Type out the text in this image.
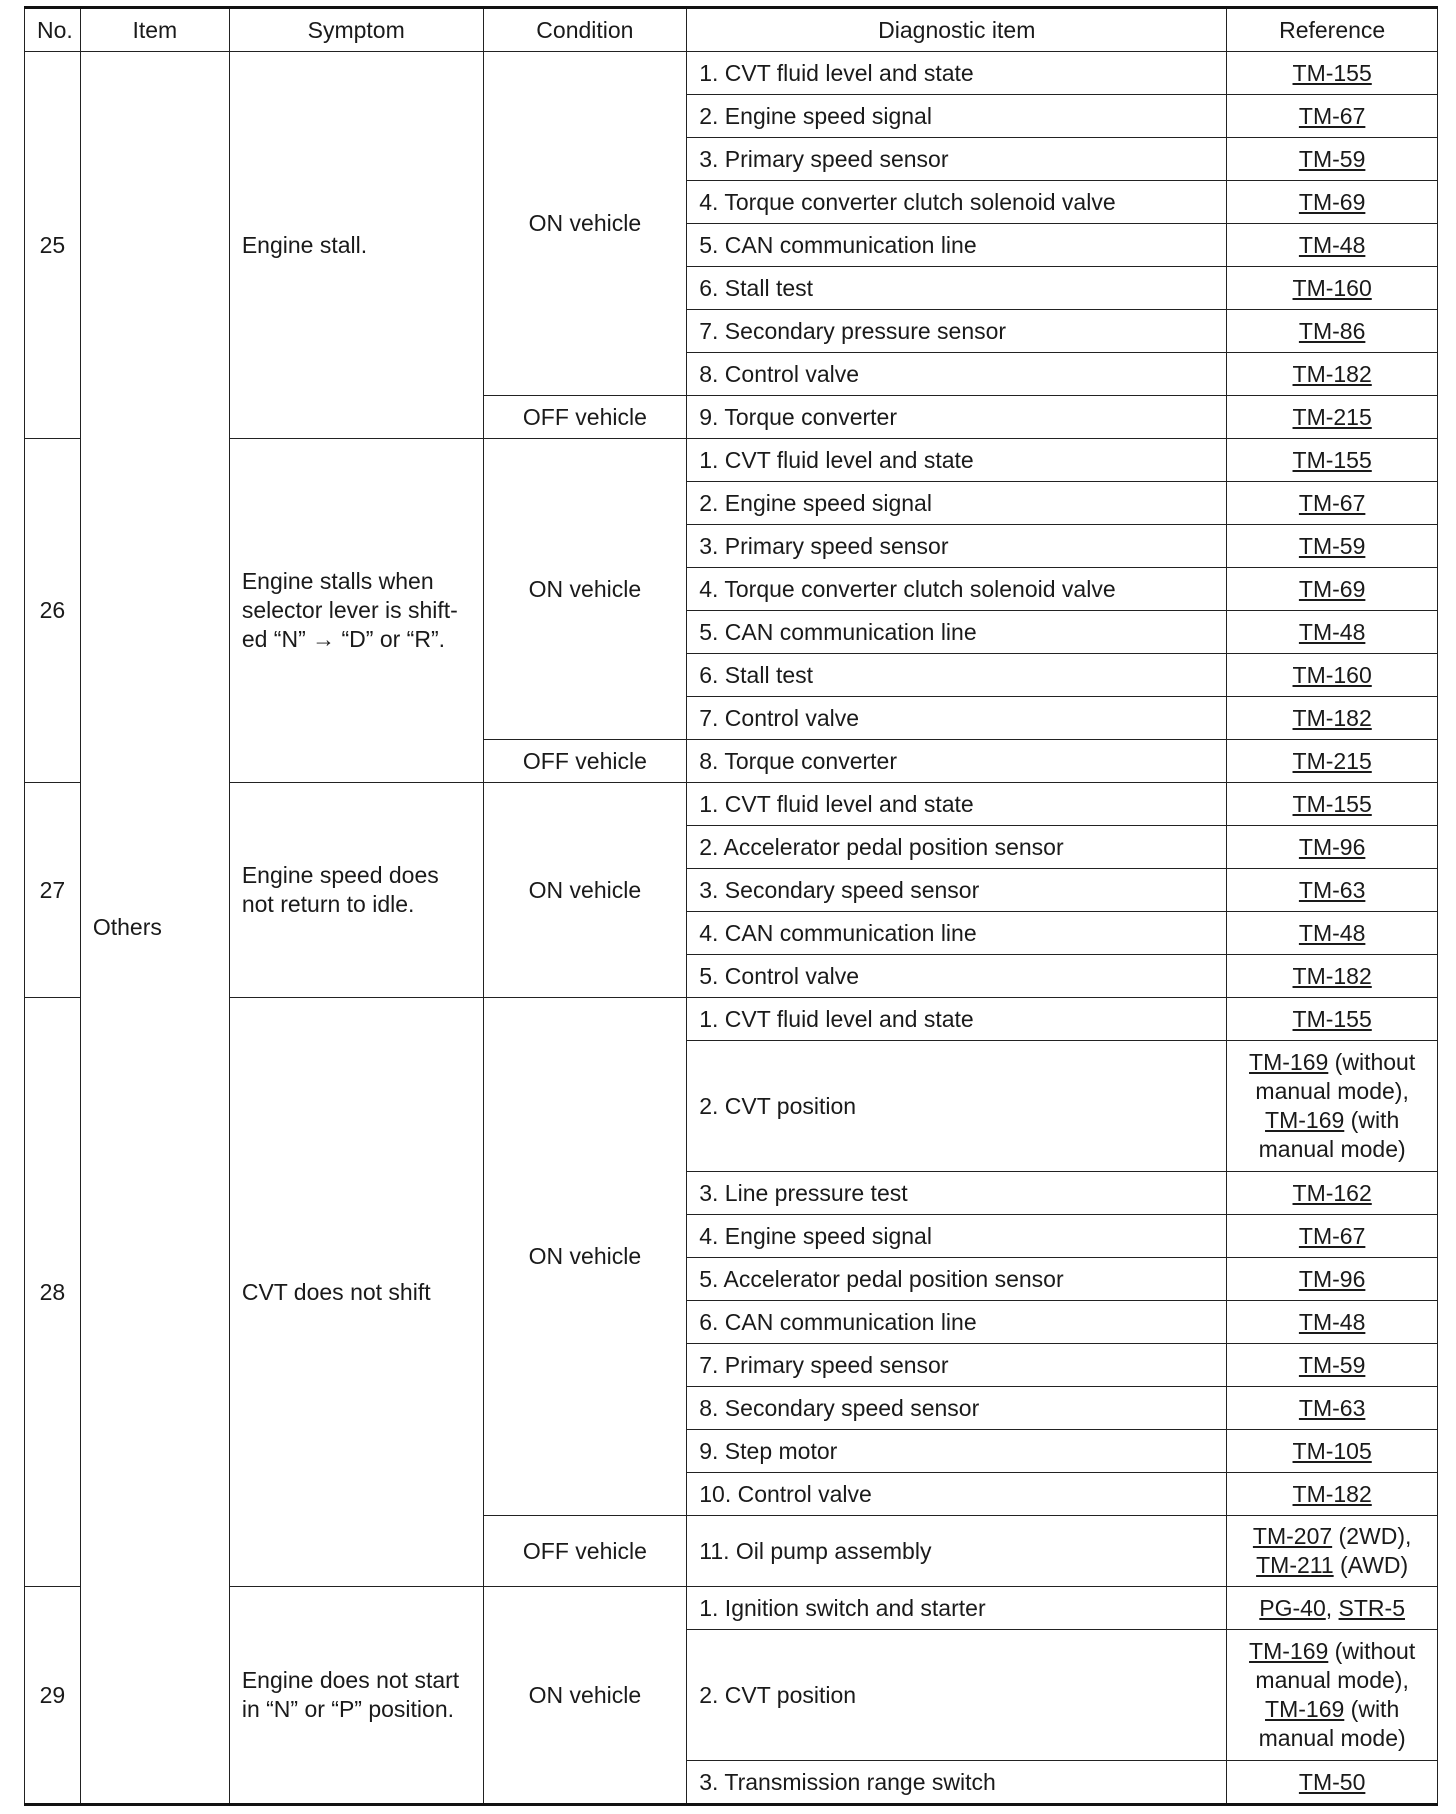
No.	Item	Symptom	Condition	Diagnostic item	Reference
25	Others	Engine stall.	ON vehicle	1. CVT fluid level and state	TM-155
				2. Engine speed signal	TM-67
				3. Primary speed sensor	TM-59
				4. Torque converter clutch solenoid valve	TM-69
				5. CAN communication line	TM-48
				6. Stall test	TM-160
				7. Secondary pressure sensor	TM-86
				8. Control valve	TM-182
			OFF vehicle	9. Torque converter	TM-215
26		Engine stalls when selector lever is shift-ed “N” → “D” or “R”.	ON vehicle	1. CVT fluid level and state	TM-155
				2. Engine speed signal	TM-67
				3. Primary speed sensor	TM-59
				4. Torque converter clutch solenoid valve	TM-69
				5. CAN communication line	TM-48
				6. Stall test	TM-160
				7. Control valve	TM-182
			OFF vehicle	8. Torque converter	TM-215
27		Engine speed does not return to idle.	ON vehicle	1. CVT fluid level and state	TM-155
				2. Accelerator pedal position sensor	TM-96
				3. Secondary speed sensor	TM-63
				4. CAN communication line	TM-48
				5. Control valve	TM-182
28		CVT does not shift	ON vehicle	1. CVT fluid level and state	TM-155
				2. CVT position	TM-169 (without manual mode), TM-169 (with manual mode)
				3. Line pressure test	TM-162
				4. Engine speed signal	TM-67
				5. Accelerator pedal position sensor	TM-96
				6. CAN communication line	TM-48
				7. Primary speed sensor	TM-59
				8. Secondary speed sensor	TM-63
				9. Step motor	TM-105
				10. Control valve	TM-182
			OFF vehicle	11. Oil pump assembly	TM-207 (2WD), TM-211 (AWD)
29		Engine does not start in “N” or “P” position.	ON vehicle	1. Ignition switch and starter	PG-40, STR-5
				2. CVT position	TM-169 (without manual mode), TM-169 (with manual mode)
				3. Transmission range switch	TM-50
